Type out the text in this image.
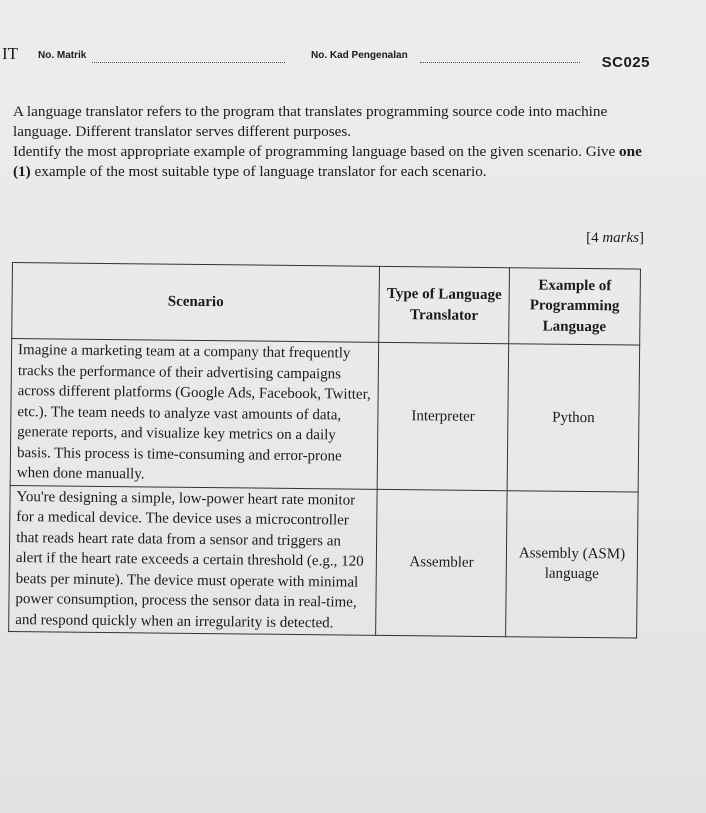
IT No. Matrik	No. Kad Pengenalan	SC025

A language translator refers to the program that translates programming source code into machine language. Different translator serves different purposes.

Identify the most appropriate example of programming language based on the given scenario. Give one (1) example of the most suitable type of language translator for each scenario.

[4 marks]
Scenario	Type of Language Translator	Example of Programming Language
Imagine a marketing team at a company that frequently tracks the performance of their advertising campaigns across different platforms (Google Ads, Facebook, Twitter, etc.). The team needs to analyze vast amounts of data, generate reports, and visualize key metrics on a daily basis. This process is time-consuming and error-prone when done manually.	Interpreter	Python
You're designing a simple, low-power heart rate monitor for a medical device. The device uses a microcontroller that reads heart rate data from a sensor and triggers an alert if the heart rate exceeds a certain threshold (e.g., 120 beats per minute). The device must operate with minimal power consumption, process the sensor data in real-time, and respond quickly when an irregularity is detected.	Assembler	Assembly (ASM) language
